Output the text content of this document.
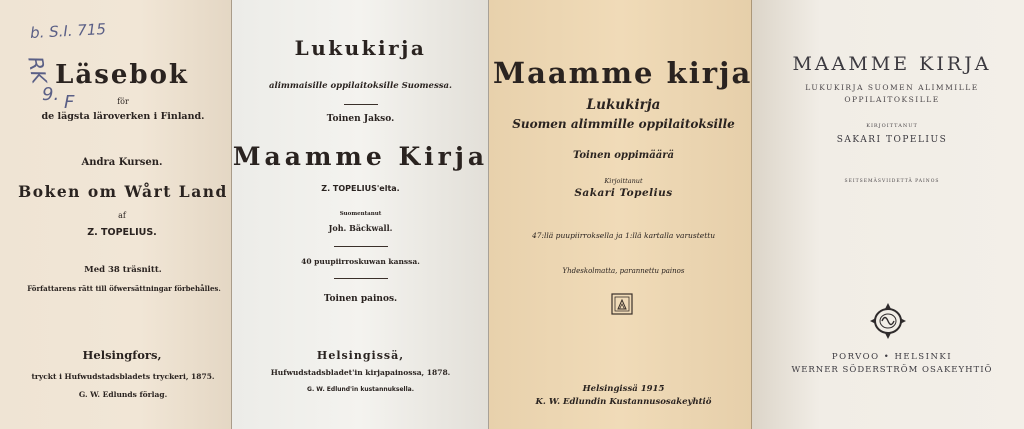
b. S.I. 715
RK
9. F
Läsebok
för
de lägsta läroverken i Finland.
Andra Kursen.
Boken om Wårt Land
af
Z. TOPELIUS.
Med 38 träsnitt.
Författarens rätt till öfwersättningar förbehålles.
Helsingfors,
tryckt i Hufwudstadsbladets tryckeri, 1875.
G. W. Edlunds förlag.
Lukukirja
alimmaisille oppilaitoksille Suomessa.
Toinen Jakso.
Maamme Kirja
Z. TOPELIUS'elta.
Suomentanut
Joh. Bäckwall.
40 puupiirroskuwan kanssa.
Toinen painos.
Helsingissä,
Hufwudstadsbladet'in kirjapainossa, 1878.
G. W. Edlund'in kustannuksella.
Maamme kirja
Lukukirja
Suomen alimmille oppilaitoksille
Toinen oppimäärä
Kirjoittanut
Sakari Topelius
47:llä puupiirroksella ja 1:llä kartalla varustettu
Yhdeskolmatta, parannettu painos
Helsingissä 1915
K. W. Edlundin Kustannusosakeyhtiö
MAAMME KIRJA
LUKUKIRJA SUOMEN ALIMMILLE
OPPILAITOKSILLE
KIRJOITTANUT
SAKARI TOPELIUS
SEITSEMÄSVIIDETTÄ PAINOS
PORVOO • HELSINKI
WERNER SÖDERSTRÖM OSAKEYHTIÖ
